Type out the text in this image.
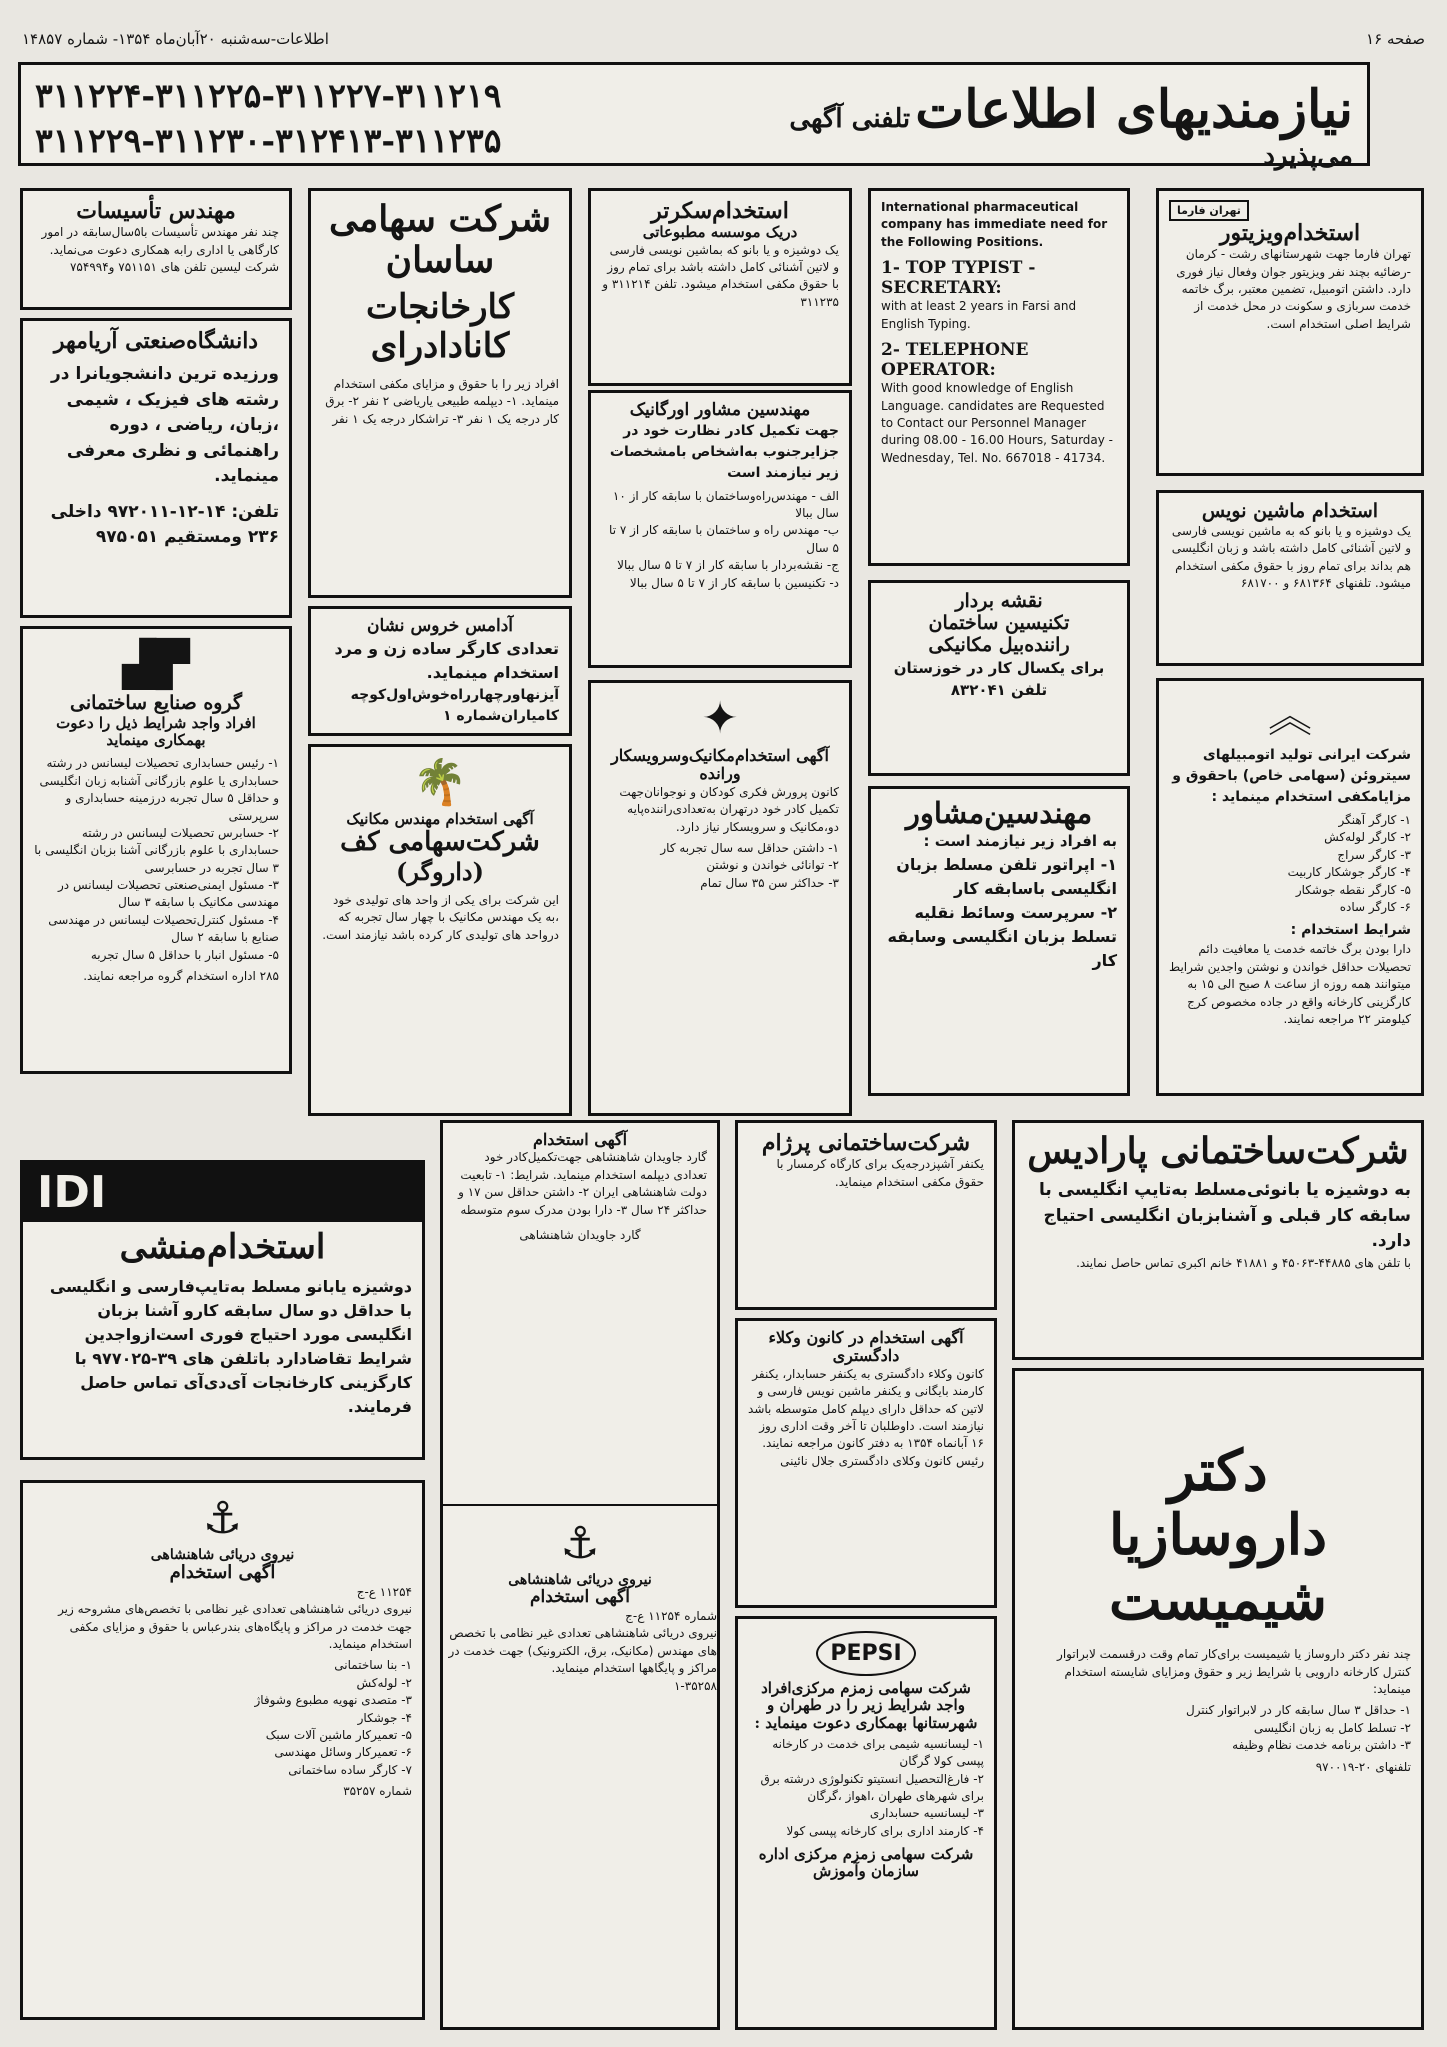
صفحه ۱۶
اطلاعات-سه‌شنبه ۲۰آبان‌ماه ۱۳۵۴- شماره ۱۴۸۵۷
نیازمندیهای اطلاعات تلفنی آگهی می‌پذیرد
۳۱۱۲۲۴-۳۱۱۲۲۵-۳۱۱۲۲۷-۳۱۱۲۱۹
۳۱۱۲۲۹-۳۱۱۲۳۰-۳۱۲۴۱۳-۳۱۱۲۳۵
مهندس تأسیسات
چند نفر مهندس تأسیسات با۵سال‌سابقه در امور کارگاهی یا اداری رابه همکاری دعوت می‌نماید. شرکت لیسین تلفن های ۷۵۱۱۵۱ و۷۵۴۹۹۴
دانشگاه‌صنعتی آریامهر
ورزیده ترین دانشجویانرا در رشته های فیزیک ، شیمی ،زبان، ریاضی ، دوره راهنمائی و نظری معرفی مینماید.
تلفن: ۱۴-۱۲-۹۷۲۰۱۱ داخلی ۲۳۶ ومستقیم ۹۷۵۰۵۱
▛▟
گروه صنایع ساختمانی
افراد واجد شرایط ذیل را دعوت بهمکاری مینماید
۱- رئیس حسابداری تحصیلات لیسانس در رشته حسابداری یا علوم بازرگانی آشنابه زبان انگلیسی و حداقل ۵ سال تجربه درزمینه حسابداری و سرپرستی
۲- حسابرس تحصیلات لیسانس در رشته حسابداری با علوم بازرگانی آشنا بزبان انگلیسی با ۳ سال تجربه در حسابرسی
۳- مسئول ایمنی‌صنعتی تحصیلات لیسانس در مهندسی مکانیک با سابقه ۳ سال
۴- مسئول کنترل‌تحصیلات لیسانس در مهندسی صنایع با سابقه ۲ سال
۵- مسئول انبار با حداقل ۵ سال تجربه
۲۸۵ اداره استخدام گروه مراجعه نمایند.
IDI
استخدام‌منشی
دوشیزه یابانو مسلط به‌تایپ‌فارسی و انگلیسی با حداقل دو سال سابقه کارو آشنا بزبان انگلیسی مورد احتیاج فوری است‌ازواجدین شرایط تقاضادارد باتلفن های ۳۹-۹۷۷۰۲۵ با کارگزینی کارخانجات آی‌دی‌آی تماس حاصل فرمایند.
⚓
نیروی دریائی شاهنشاهی
آگهی استخدام
۱۱۲۵۴ ع-ج
نیروی دریائی شاهنشاهی تعدادی غیر نظامی با تخصص‌های مشروحه زیر جهت خدمت در مراکز و پایگاه‌های بندرعباس با حقوق و مزایای مکفی استخدام مینماید.
۱- بنا ساختمانی
۲- لوله‌کش
۳- متصدی نهویه مطبوع وشوفاژ
۴- جوشکار
۵- تعمیرکار ماشین آلات سبک
۶- تعمیرکار وسائل مهندسی
۷- کارگر ساده ساختمانی
شماره ۳۵۲۵۷
شرکت سهامی ساسان
کارخانجات کانادادرای
افراد زیر را با حقوق و مزایای مکفی استخدام مینماید. ۱- دیپلمه طبیعی یاریاضی ۲ نفر ۲- برق کار درجه یک ۱ نفر ۳- تراشکار درجه یک ۱ نفر
آدامس خروس نشان
تعدادی کارگر ساده زن و مرد استخدام مینماید.
آیزنهاورچهارراه‌خوش‌اول‌کوچه کامیاران‌شماره ۱
🌴
آگهی استخدام مهندس مکانیک
شرکت‌سهامی کف
(داروگر)
این شرکت برای یکی از واحد های تولیدی خود ،به یک مهندس مکانیک با چهار سال تجربه که درواحد های تولیدی کار کرده باشد نیازمند است.
آگهی استخدام
گارد جاویدان شاهنشاهی جهت‌تکمیل‌کادر خود تعدادی دیپلمه استخدام مینماید. شرایط: ۱- تابعیت دولت شاهنشاهی ایران ۲- داشتن حداقل سن ۱۷ و حداکثر ۲۴ سال ۳- دارا بودن مدرک سوم متوسطه
گارد جاویدان شاهنشاهی
⚓
نیروی دریائی شاهنشاهی
آگهی استخدام
شماره ۱۱۲۵۴ ع-ج
نیروی دریائی شاهنشاهی تعدادی غیر نظامی با تخصص های مهندس (مکانیک، برق، الکترونیک) جهت خدمت در مراکز و پایگاهها استخدام مینماید.
۱-۳۵۲۵۸
استخدام‌سکرتر
دریک موسسه مطبوعاتی
یک دوشیزه و یا بانو که بماشین نویسی فارسی و لاتین آشنائی کامل داشته باشد برای تمام روز با حقوق مکفی استخدام میشود. تلفن ۳۱۱۲۱۴ و ۳۱۱۲۳۵
مهندسین مشاور اورگانیک
جهت تکمیل کادر نظارت خود در جزایرجنوب به‌اشخاص بامشخصات زیر نیازمند است
الف - مهندس‌راه‌وساختمان با سابقه کار از ۱۰ سال ببالا
ب- مهندس راه و ساختمان با سابقه کار از ۷ تا ۵ سال
ج- نقشه‌بردار با سابقه کار از ۷ تا ۵ سال ببالا
د- تکنیسین با سابقه کار از ۷ تا ۵ سال ببالا
✦
آگهی استخدام‌مکانیک‌وسرویسکار ورانده
کانون پرورش فکری کودکان و نوجوانان‌جهت تکمیل کادر خود درتهران به‌تعدادی‌راننده‌پایه دو،مکانیک و سرویسکار نیاز دارد.
۱- داشتن حداقل سه سال تجربه کار
۲- توانائی خواندن و نوشتن
۳- حداکثر سن ۳۵ سال تمام
شرکت‌ساختمانی پرژام
یکنفر آشپزدرجه‌یک برای کارگاه کرمسار با حقوق مکفی استخدام مینماید.
آگهی استخدام در کانون وکلاء دادگستری
کانون وکلاء دادگستری به یکنفر حسابدار، یکنفر کارمند بایگانی و یکنفر ماشین نویس فارسی و لاتین که حداقل دارای دیپلم کامل متوسطه باشد نیازمند است. داوطلبان تا آخر وقت اداری روز ۱۶ آبانماه ۱۳۵۴ به دفتر کانون مراجعه نمایند.
رئیس کانون وکلای دادگستری جلال نائینی
PEPSI
شرکت سهامی زمزم مرکزی‌افراد واجد شرایط زیر را در طهران و شهرستانها بهمکاری دعوت مینماید :
۱- لیسانسیه شیمی برای خدمت در کارخانه پپسی کولا گرگان
۲- فارغ‌التحصیل انستیتو تکنولوژی درشته برق برای شهرهای طهران ،اهواز ،گرگان
۳- لیسانسیه حسابداری
۴- کارمند اداری برای کارخانه پپسی کولا
شرکت سهامی زمزم مرکزی اداره سازمان وآموزش
International pharmaceutical company has immediate need for the Following Positions.
1- TOP TYPIST - SECRETARY:
with at least 2 years in Farsi and English Typing.
2- TELEPHONE OPERATOR:
With good knowledge of English Language. candidates are Requested to Contact our Personnel Manager during 08.00 - 16.00 Hours, Saturday - Wednesday, Tel. No. 667018 - 41734.
نقشه بردار
تکنیسین ساختمان
راننده‌بیل مکانیکی
برای یکسال کار در خوزستان
تلفن ۸۳۲۰۴۱
مهندسین‌مشاور
به افراد زیر نیازمند است :
۱- اپراتور تلفن مسلط بزبان انگلیسی باسابقه کار
۲- سرپرست وسائط نقلیه تسلط بزبان انگلیسی وسابقه کار
تهران فارما
استخدام‌ویزیتور
تهران فارما جهت شهرستانهای رشت - کرمان -رضائیه بچند نفر ویزیتور جوان وفعال نیاز فوری دارد. داشتن اتومبیل، تضمین معتبر، برگ خاتمه خدمت سربازی و سکونت در محل خدمت از شرایط اصلی استخدام است.
استخدام ماشین نویس
یک دوشیزه و یا بانو که به ماشین نویسی فارسی و لاتین آشنائی کامل داشته باشد و زبان انگلیسی هم بداند برای تمام روز با حقوق مکفی استخدام میشود. تلفنهای ۶۸۱۳۶۴ و ۶۸۱۷۰۰
︽
شرکت ایرانی تولید اتومبیلهای سیتروئن (سهامی خاص) باحقوق و مزایامکفی استخدام مینماید :
۱- کارگر آهنگر
۲- کارگر لوله‌کش
۳- کارگر سراج
۴- کارگر جوشکار کاربیت
۵- کارگر نقطه جوشکار
۶- کارگر ساده
شرایط استخدام :
دارا بودن برگ خاتمه خدمت یا معافیت دائم تحصیلات حداقل خواندن و نوشتن واجدین شرایط میتوانند همه روزه از ساعت ۸ صبح الی ۱۵ به کارگزینی کارخانه واقع در جاده مخصوص کرج کیلومتر ۲۲ مراجعه نمایند.
شرکت‌ساختمانی پارادیس
به دوشیزه یا بانوئی‌مسلط به‌تایپ انگلیسی با سابقه کار قبلی و آشنابزبان انگلیسی احتیاج دارد.
با تلفن های ۴۴۸۸۵-۴۵۰۶۳ و ۴۱۸۸۱ خانم اکبری تماس حاصل نمایند.
دکتر
داروسازیا
شیمیست
چند نفر دکتر داروساز یا شیمیست برای‌کار تمام وقت درقسمت لابراتوار کنترل کارخانه دارویی با شرایط زیر و حقوق ومزایای شایسته استخدام مینماید:
۱- حداقل ۳ سال سابقه کار در لابراتوار کنترل
۲- تسلط کامل به زبان انگلیسی
۳- داشتن برنامه خدمت نظام وظیفه
تلفنهای ۲۰-۹۷۰۰۱۹
